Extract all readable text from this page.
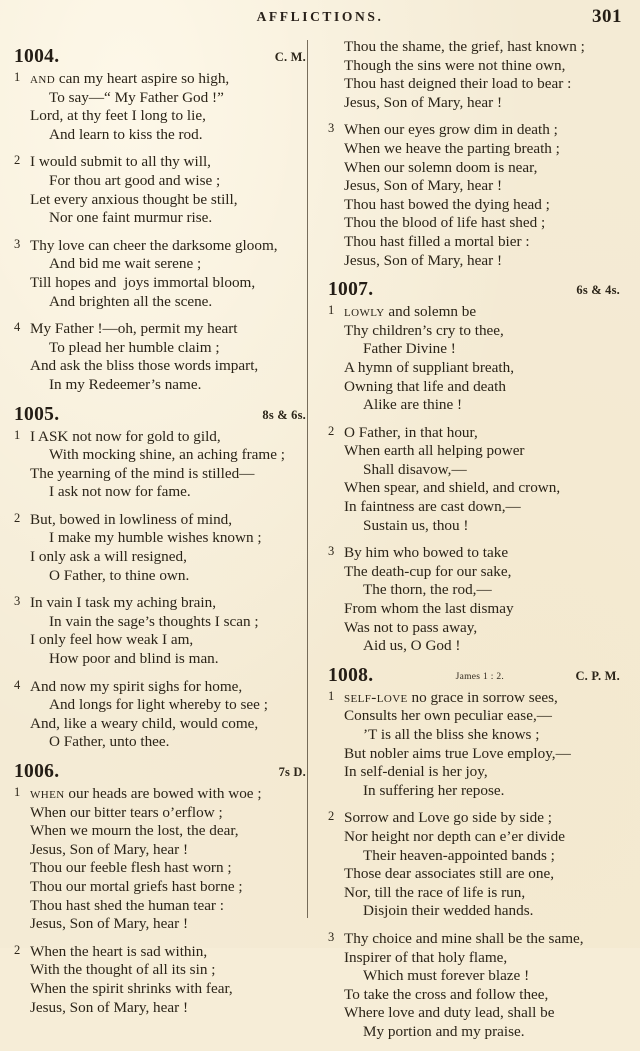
AFFLICTIONS.	301
1004.	C. M.
1 and can my heart aspire so high,
To say—“ My Father God !”
Lord, at thy feet I long to lie,
And learn to kiss the rod.
2 I would submit to all thy will,
For thou art good and wise ;
Let every anxious thought be still,
Nor one faint murmur rise.
3 Thy love can cheer the darksome gloom,
And bid me wait serene ;
Till hopes and  joys immortal bloom,
And brighten all the scene.
4 My Father !—oh, permit my heart
To plead her humble claim ;
And ask the bliss those words impart,
In my Redeemer’s name.
1005.	8s & 6s.
1 I ASK not now for gold to gild,
With mocking shine, an aching frame ;
The yearning of the mind is stilled—
I ask not now for fame.
2 But, bowed in lowliness of mind,
I make my humble wishes known ;
I only ask a will resigned,
O Father, to thine own.
3 In vain I task my aching brain,
In vain the sage’s thoughts I scan ;
I only feel how weak I am,
How poor and blind is man.
4 And now my spirit sighs for home,
And longs for light whereby to see ;
And, like a weary child, would come,
O Father, unto thee.
1006.	7s D.
1 when our heads are bowed with woe ;
When our bitter tears o’erflow ;
When we mourn the lost, the dear,
Jesus, Son of Mary, hear !
Thou our feeble flesh hast worn ;
Thou our mortal griefs hast borne ;
Thou hast shed the human tear :
Jesus, Son of Mary, hear !
2 When the heart is sad within,
With the thought of all its sin ;
When the spirit shrinks with fear,
Jesus, Son of Mary, hear !
Thou the shame, the grief, hast known ;
Though the sins were not thine own,
Thou hast deigned their load to bear :
Jesus, Son of Mary, hear !
3 When our eyes grow dim in death ;
When we heave the parting breath ;
When our solemn doom is near,
Jesus, Son of Mary, hear !
Thou hast bowed the dying head ;
Thou the blood of life hast shed ;
Thou hast filled a mortal bier :
Jesus, Son of Mary, hear !
1007.	6s & 4s.
1 lowly and solemn be
Thy children’s cry to thee,
Father Divine !
A hymn of suppliant breath,
Owning that life and death
Alike are thine !
2 O Father, in that hour,
When earth all helping power
Shall disavow,—
When spear, and shield, and crown,
In faintness are cast down,—
Sustain us, thou !
3 By him who bowed to take
The death-cup for our sake,
The thorn, the rod,—
From whom the last dismay
Was not to pass away,
Aid us, O God !
1008.	James 1 : 2.	C. P. M.
1 self-love no grace in sorrow sees,
Consults her own peculiar ease,—
’T is all the bliss she knows ;
But nobler aims true Love employ,—
In self-denial is her joy,
In suffering her repose.
2 Sorrow and Love go side by side ;
Nor height nor depth can e’er divide
Their heaven-appointed bands ;
Those dear associates still are one,
Nor, till the race of life is run,
Disjoin their wedded hands.
3 Thy choice and mine shall be the same,
Inspirer of that holy flame,
Which must forever blaze !
To take the cross and follow thee,
Where love and duty lead, shall be
My portion and my praise.
